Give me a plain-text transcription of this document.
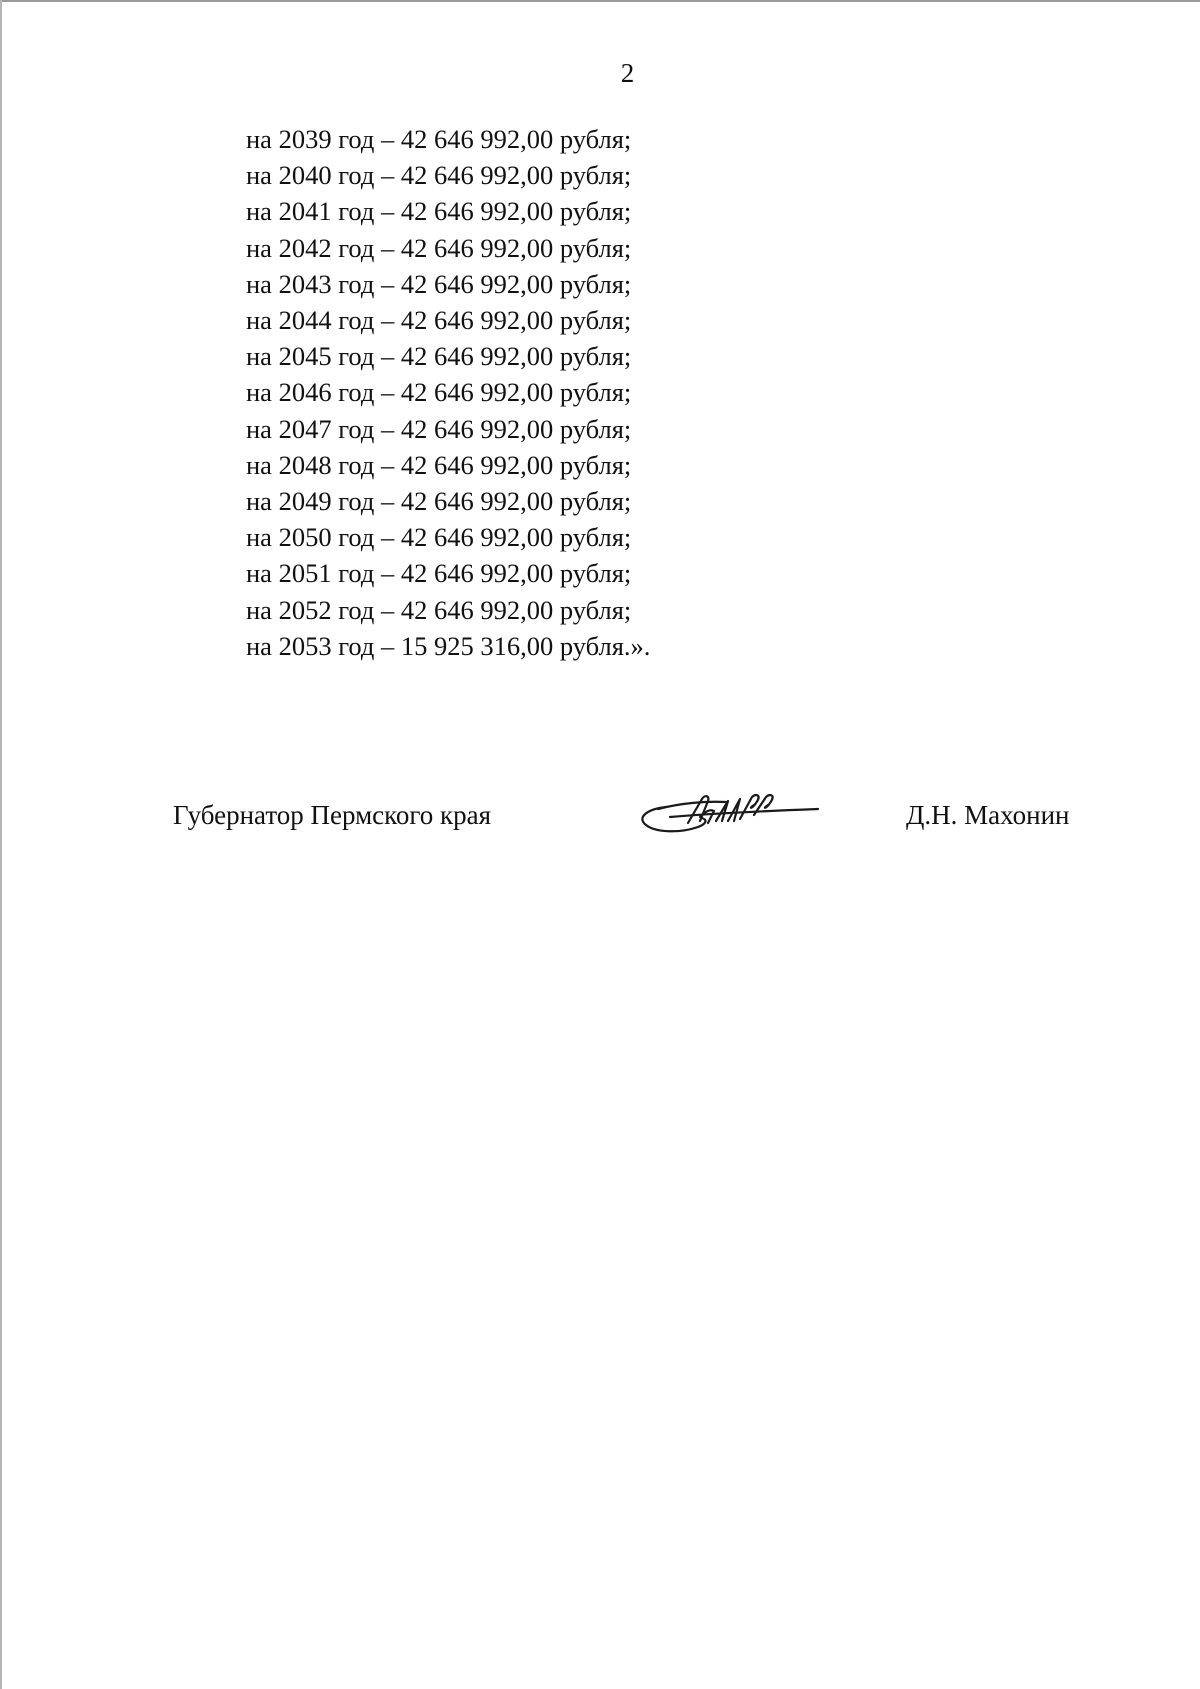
2
на 2039 год – 42 646 992,00 рубля;
на 2040 год – 42 646 992,00 рубля;
на 2041 год – 42 646 992,00 рубля;
на 2042 год – 42 646 992,00 рубля;
на 2043 год – 42 646 992,00 рубля;
на 2044 год – 42 646 992,00 рубля;
на 2045 год – 42 646 992,00 рубля;
на 2046 год – 42 646 992,00 рубля;
на 2047 год – 42 646 992,00 рубля;
на 2048 год – 42 646 992,00 рубля;
на 2049 год – 42 646 992,00 рубля;
на 2050 год – 42 646 992,00 рубля;
на 2051 год – 42 646 992,00 рубля;
на 2052 год – 42 646 992,00 рубля;
на 2053 год – 15 925 316,00 рубля.».
Губернатор Пермского края	Д.Н. Махонин
